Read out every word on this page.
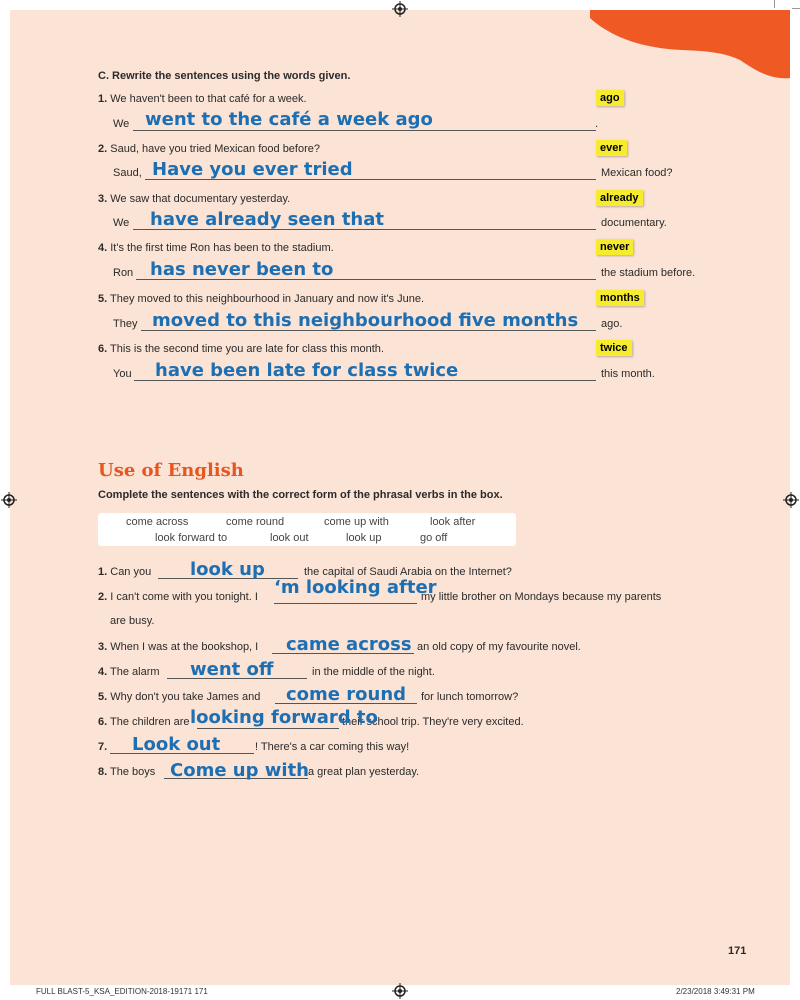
C. Rewrite the sentences using the words given.
1. We haven't been to that café for a week.	ago
We went to the café a week ago	.
2. Saud, have you tried Mexican food before?	ever
Saud, Have you ever tried	Mexican food?
3. We saw that documentary yesterday.	already
We have already seen that	documentary.
4. It's the first time Ron has been to the stadium.	never
Ron has never been to	the stadium before.
5. They moved to this neighbourhood in January and now it's June.	months
They moved to this neighbourhood five months ago.
6. This is the second time you are late for class this month.	twice
You have been late for class twice	this month.
Use of English
Complete the sentences with the correct form of the phrasal verbs in the box.
come across	come round	come up with	look after
look forward to	look out	look up	go off
1. Can you look up	the capital of Saudi Arabia on the Internet?
2. I can't come with you tonight. I ‘m looking after
my little brother on Mondays because my parents
are busy.
3. When I was at the bookshop, I came across an old copy of my favourite novel.
4. The alarm went off	in the middle of the night.
5. Why don't you take James and come round for lunch tomorrow?
6. The children are	their school trip. They're very excited.
looking forward to
7. Look out	! There's a car coming this way!
8. The boys Come up with a great plan yesterday.
171
FULL BLAST-5_KSA_EDITION-2018-19171 171	2/23/2018 3:49:31 PM
